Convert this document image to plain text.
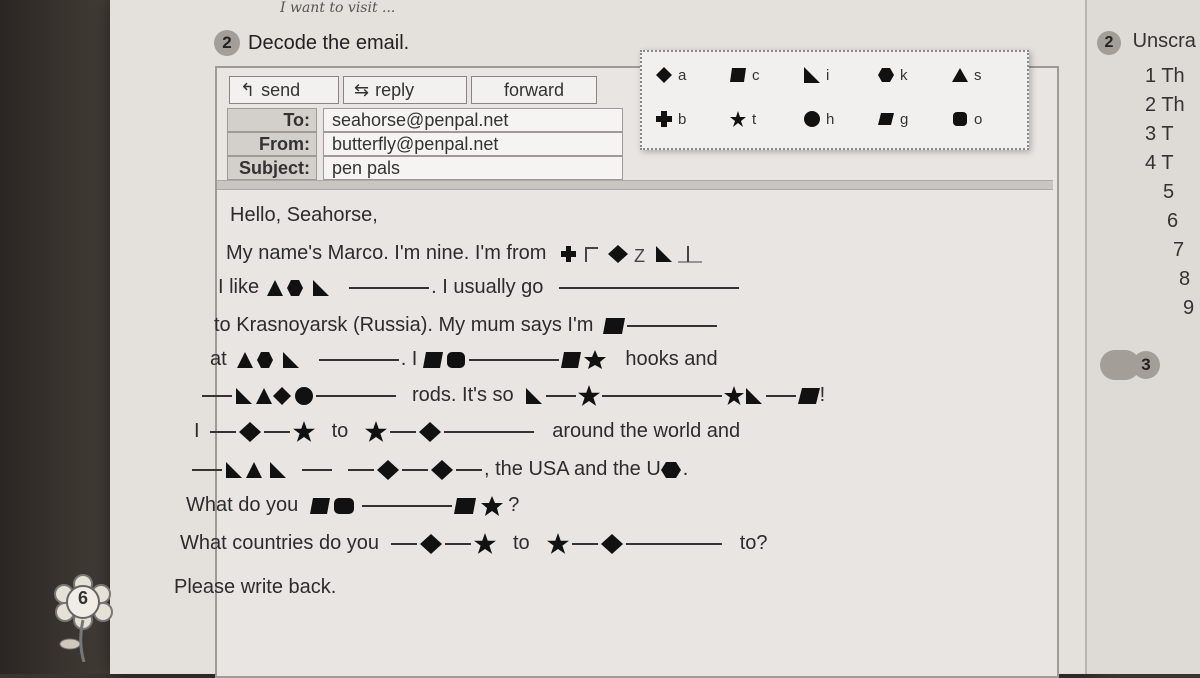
I want to visit ...
2 Decode the email.
↰ send	⇆ reply	forward
To:	seahorse@penpal.net
From:	butterfly@penpal.net
Subject:	pen pals
a	c	i	k	s
b	t	h	g	o
Hello, Seahorse,
My name's Marco. I'm nine. I'm from	Z
I like	. I usually go
to Krasnoyarsk (Russia). My mum says I'm
at	. I	hooks and
rods. It's so	!
I	to	around the world and
, the USA and the U .
What do you	?
What countries do you	to	to?
Please write back.
6
2 Unscra
1 Th
2 Th
3 T
4 T
5
6
7
8
9
3
